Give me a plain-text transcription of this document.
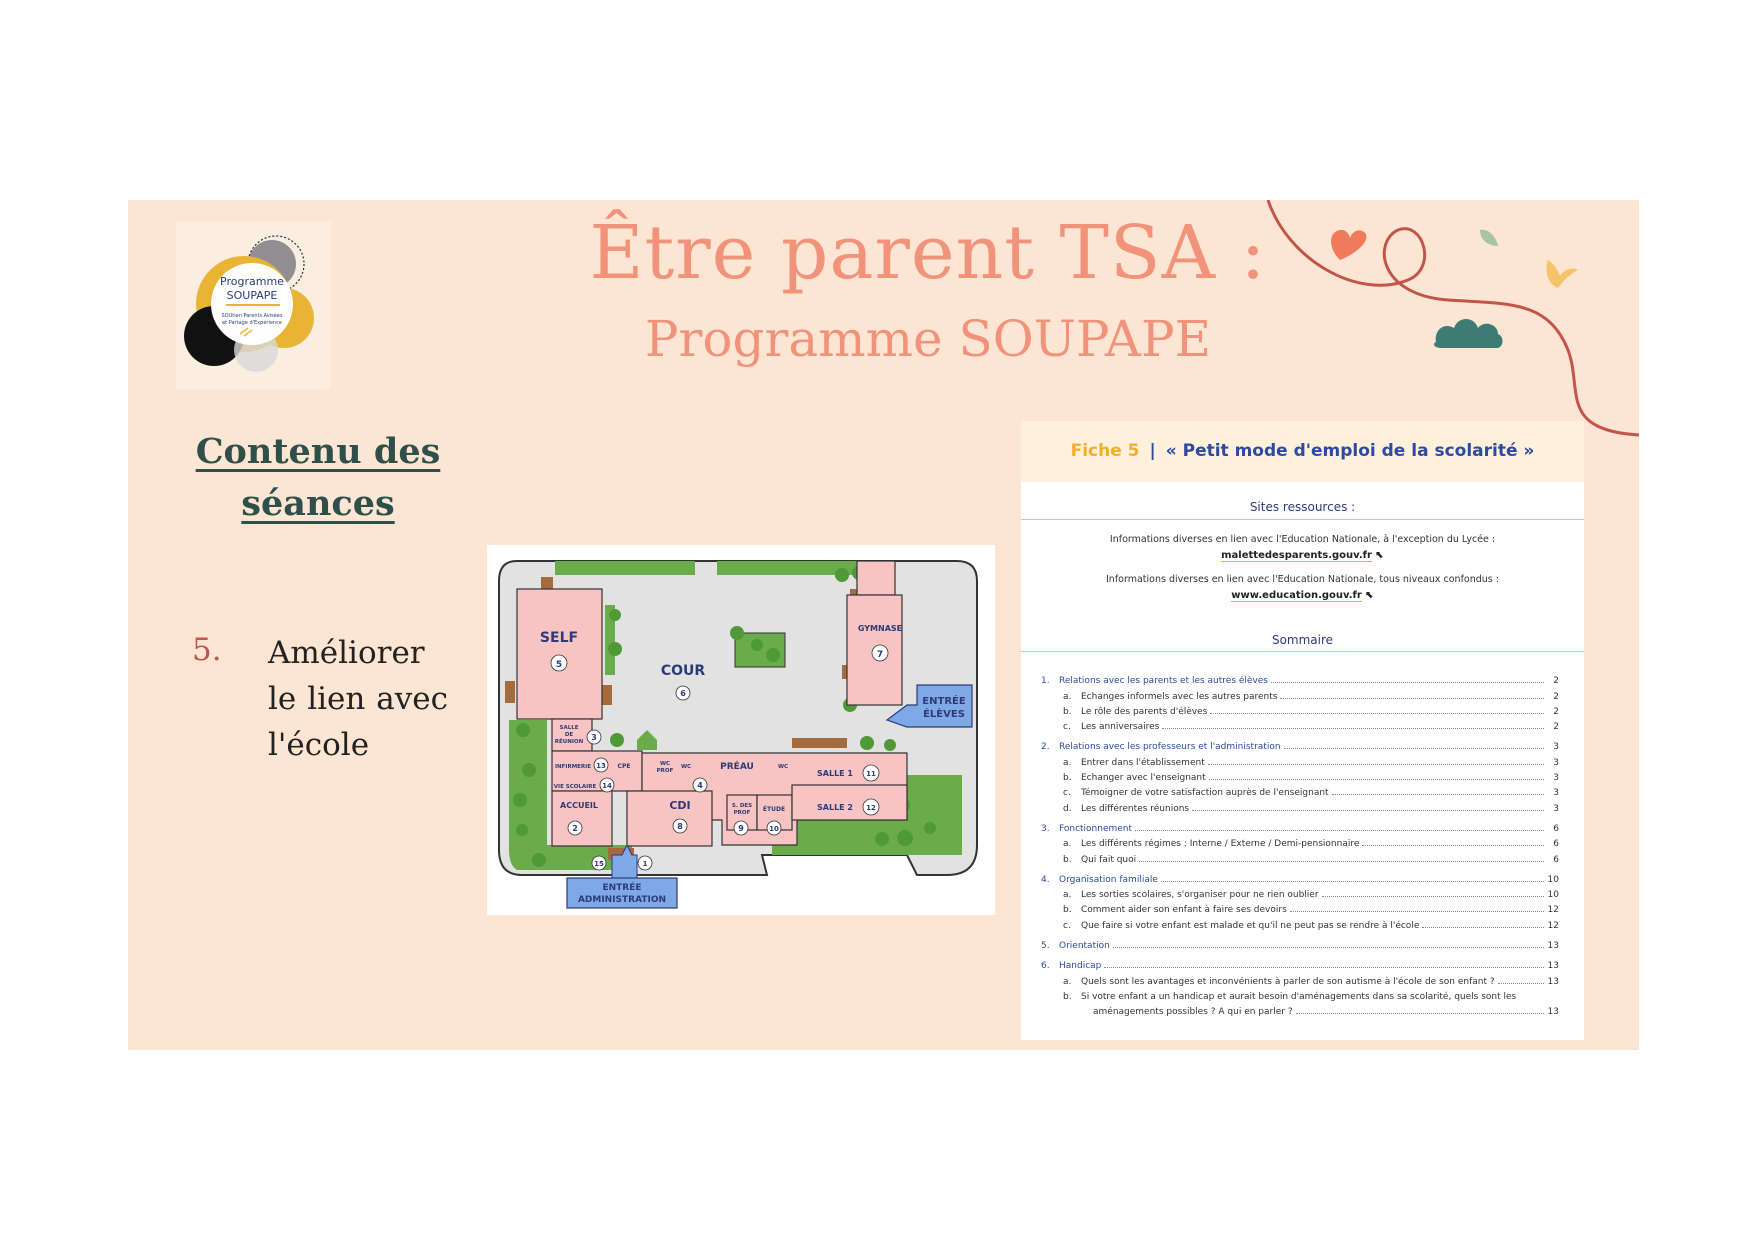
Programme
SOUPAPE
SOUtien Parents Avisées
et Partage d'Expérience
Être parent TSA :
Programme SOUPAPE
Contenu des
séances
5. Améliorer le lien avec l'école
SELF
5	COUR
6
GYMNASE
7
ENTRÉE
ÉLÈVES
SALLE
DE
RÉUNION 3
INFIRMERIE 13 CPE	WC
PROF
WC	PRÉAU	WC
SALLE 1 11
VIE SCOLAIRE 14	4
ACCUEIL
2
CDI
8
S. DES
PROF
9
ÉTUDE
10
SALLE 2 12
15	1
ENTRÉE
ADMINISTRATION
Fiche 5 | « Petit mode d'emploi de la scolarité »
Sites ressources :
Informations diverses en lien avec l'Education Nationale, à l'exception du Lycée :
malettedesparents.gouv.fr ⬉
Informations diverses en lien avec l'Education Nationale, tous niveaux confondus :
www.education.gouv.fr ⬉
Sommaire
1.	Relations avec les parents et les autres élèves	2
a.	Echanges informels avec les autres parents	2
b.	Le rôle des parents d'élèves	2
c.	Les anniversaires	2
2.	Relations avec les professeurs et l'administration	3
a.	Entrer dans l'établissement	3
b.	Echanger avec l'enseignant	3
c.	Témoigner de votre satisfaction auprès de l'enseignant	3
d.	Les différentes réunions	3
3.	Fonctionnement	6
a.	Les différents régimes : Interne / Externe / Demi-pensionnaire	6
b.	Qui fait quoi	6
4.	Organisation familiale	10
a.	Les sorties scolaires, s'organiser pour ne rien oublier	10
b.	Comment aider son enfant à faire ses devoirs	12
c.	Que faire si votre enfant est malade et qu'il ne peut pas se rendre à l'école	12
5.	Orientation	13
6.	Handicap	13
a.	Quels sont les avantages et inconvénients à parler de son autisme à l'école de son enfant ?	13
b.	Si votre enfant a un handicap et aurait besoin d'aménagements dans sa scolarité, quels sont les
aménagements possibles ? A qui en parler ?	13
